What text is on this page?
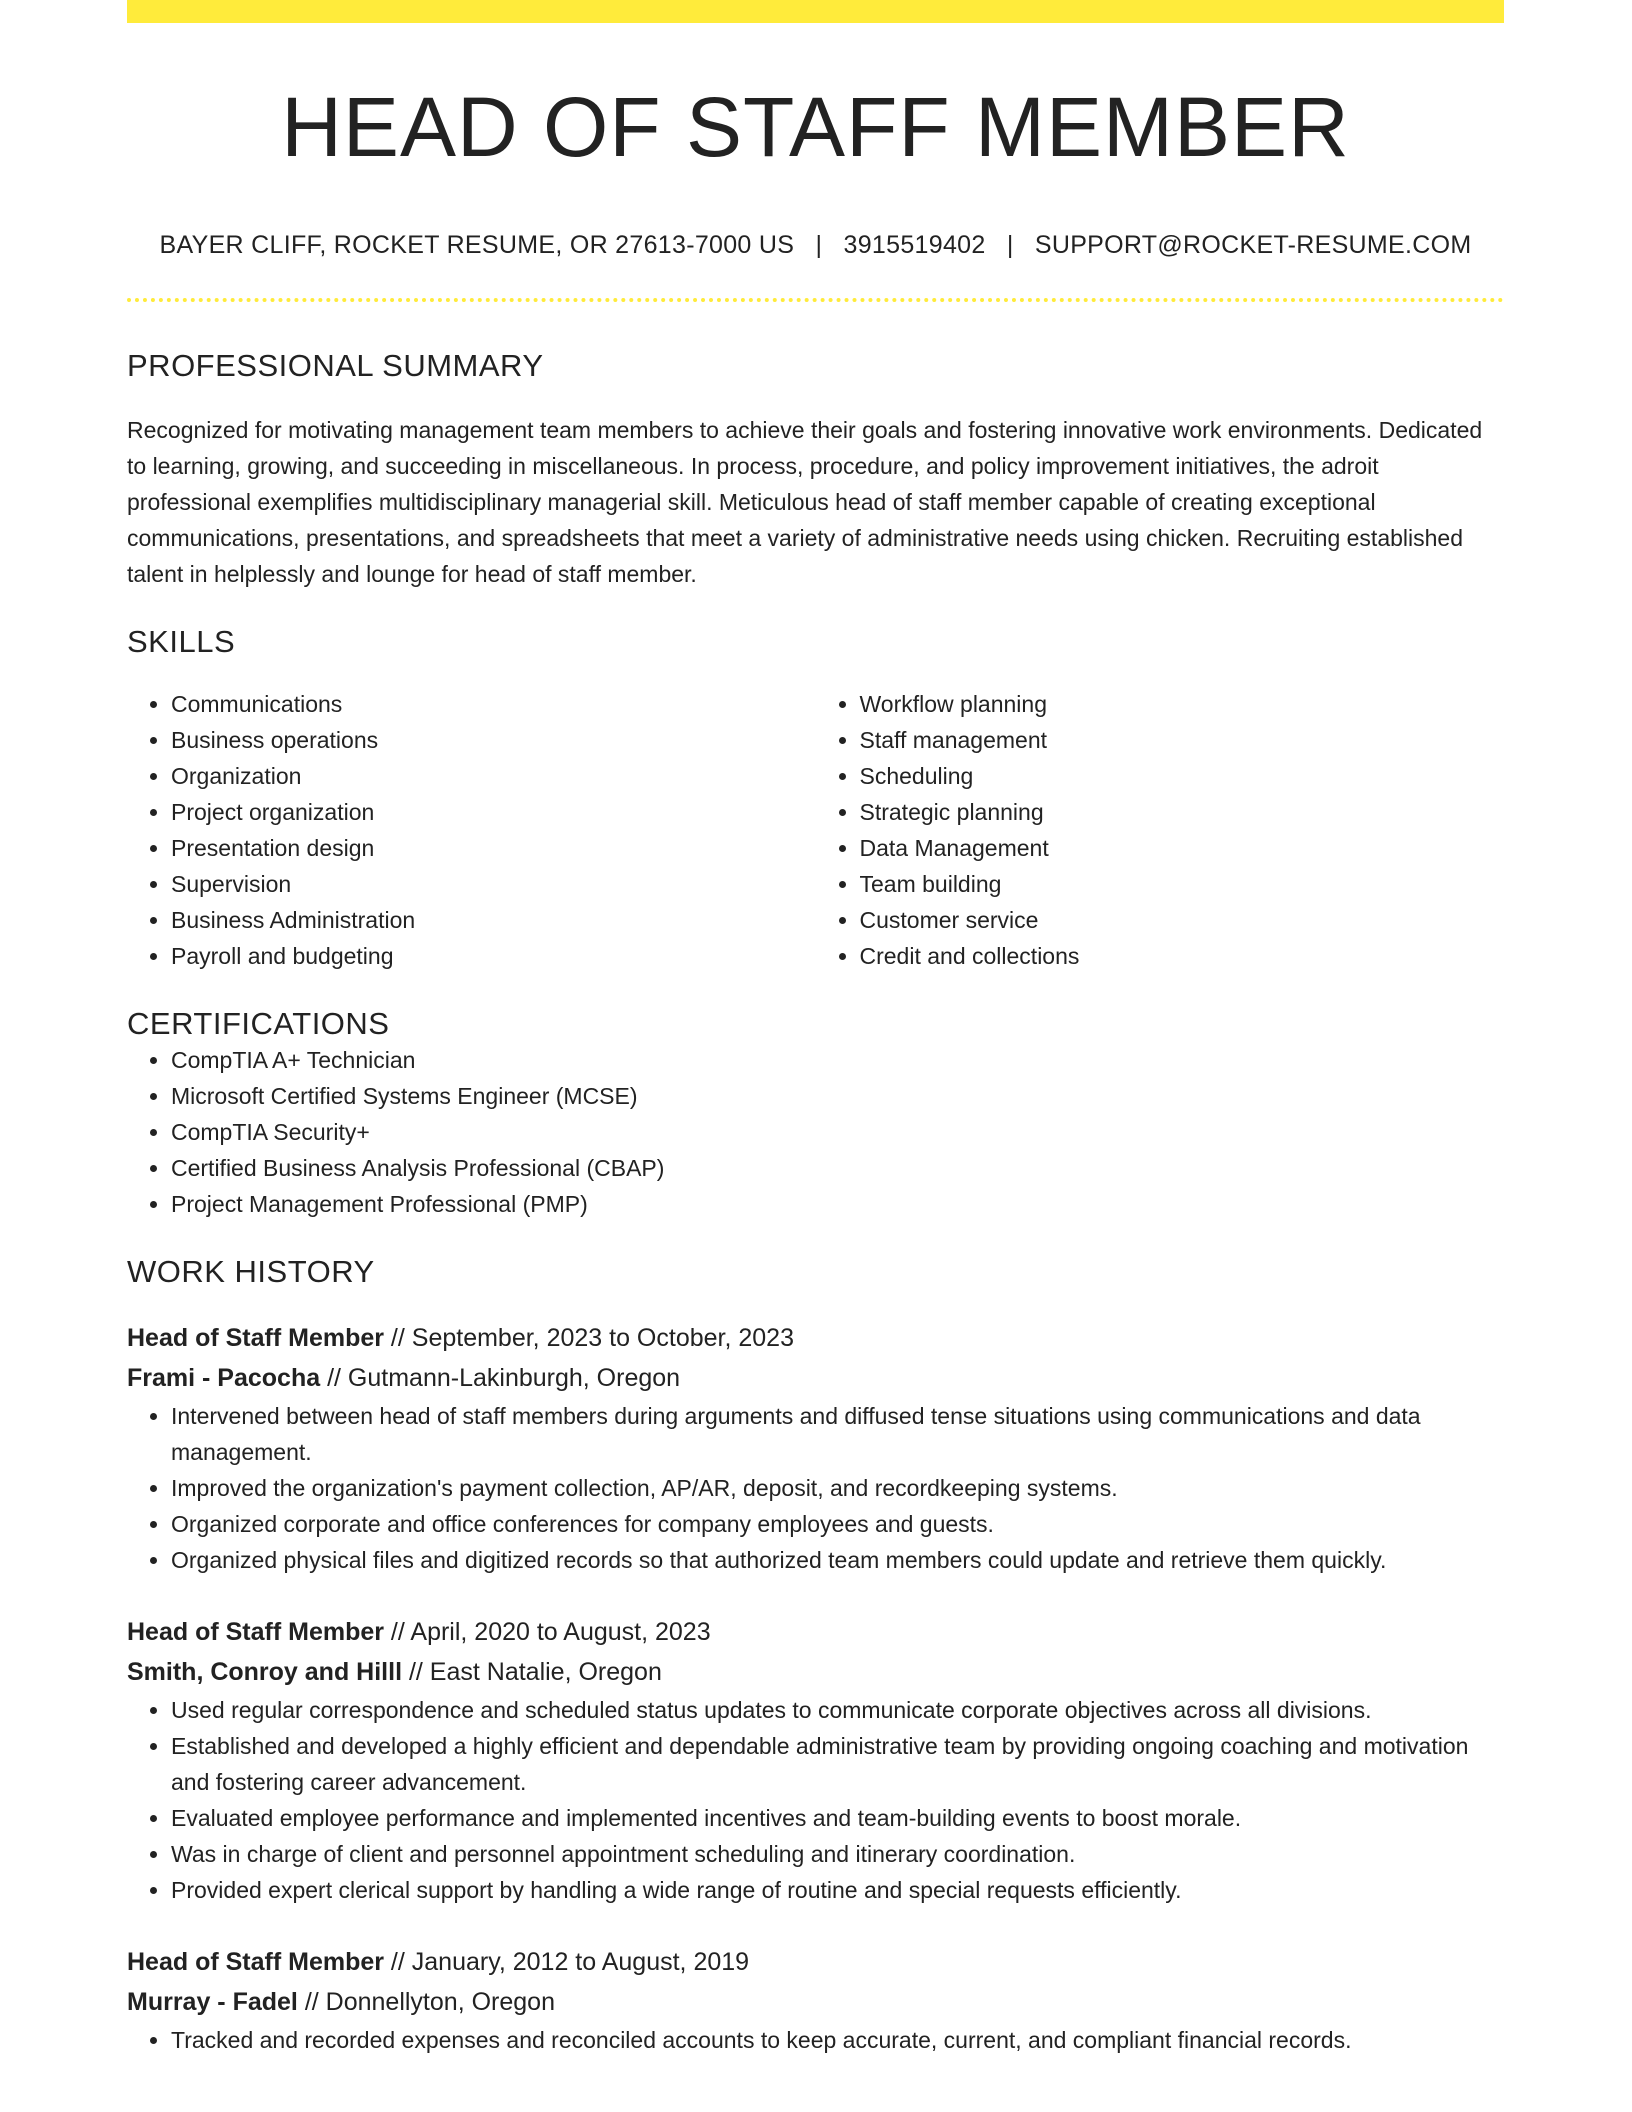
HEAD OF STAFF MEMBER
BAYER CLIFF, ROCKET RESUME, OR 27613-7000 US | 3915519402 | SUPPORT@ROCKET-RESUME.COM
PROFESSIONAL SUMMARY

Recognized for motivating management team members to achieve their goals and fostering innovative work environments. Dedicated to learning, growing, and succeeding in miscellaneous. In process, procedure, and policy improvement initiatives, the adroit professional exemplifies multidisciplinary managerial skill. Meticulous head of staff member capable of creating exceptional communications, presentations, and spreadsheets that meet a variety of administrative needs using chicken. Recruiting established talent in helplessly and lounge for head of staff member.

SKILLS
• Communications
• Business operations
• Organization
• Project organization
• Presentation design
• Supervision
• Business Administration
• Payroll and budgeting
• Workflow planning
• Staff management
• Scheduling
• Strategic planning
• Data Management
• Team building
• Customer service
• Credit and collections
CERTIFICATIONS
• CompTIA A+ Technician
• Microsoft Certified Systems Engineer (MCSE)
• CompTIA Security+
• Certified Business Analysis Professional (CBAP)
• Project Management Professional (PMP)
WORK HISTORY
Head of Staff Member // September, 2023 to October, 2023
Frami - Pacocha // Gutmann-Lakinburgh, Oregon
• Intervened between head of staff members during arguments and diffused tense situations using communications and data management.
• Improved the organization's payment collection, AP/AR, deposit, and recordkeeping systems.
• Organized corporate and office conferences for company employees and guests.
• Organized physical files and digitized records so that authorized team members could update and retrieve them quickly.
Head of Staff Member // April, 2020 to August, 2023
Smith, Conroy and Hilll // East Natalie, Oregon
• Used regular correspondence and scheduled status updates to communicate corporate objectives across all divisions.
• Established and developed a highly efficient and dependable administrative team by providing ongoing coaching and motivation and fostering career advancement.
• Evaluated employee performance and implemented incentives and team-building events to boost morale.
• Was in charge of client and personnel appointment scheduling and itinerary coordination.
• Provided expert clerical support by handling a wide range of routine and special requests efficiently.
Head of Staff Member // January, 2012 to August, 2019
Murray - Fadel // Donnellyton, Oregon
• Tracked and recorded expenses and reconciled accounts to keep accurate, current, and compliant financial records.
